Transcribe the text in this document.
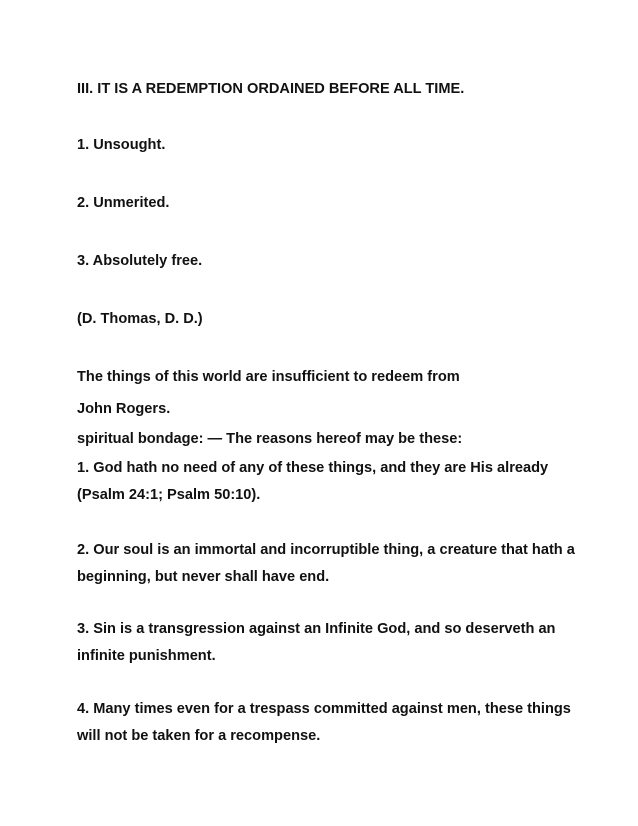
III. IT IS A REDEMPTION ORDAINED BEFORE ALL TIME.
1. Unsought.
2. Unmerited.
3. Absolutely free.
(D. Thomas, D. D.)
The things of this world are insufficient to redeem from
John Rogers.
spiritual bondage: — The reasons hereof may be these:
1. God hath no need of any of these things, and they are His already (Psalm 24:1; Psalm 50:10).
2. Our soul is an immortal and incorruptible thing, a creature that hath a beginning, but never shall have end.
3. Sin is a transgression against an Infinite God, and so deserveth an infinite punishment.
4. Many times even for a trespass committed against men, these things will not be taken for a recompense.
